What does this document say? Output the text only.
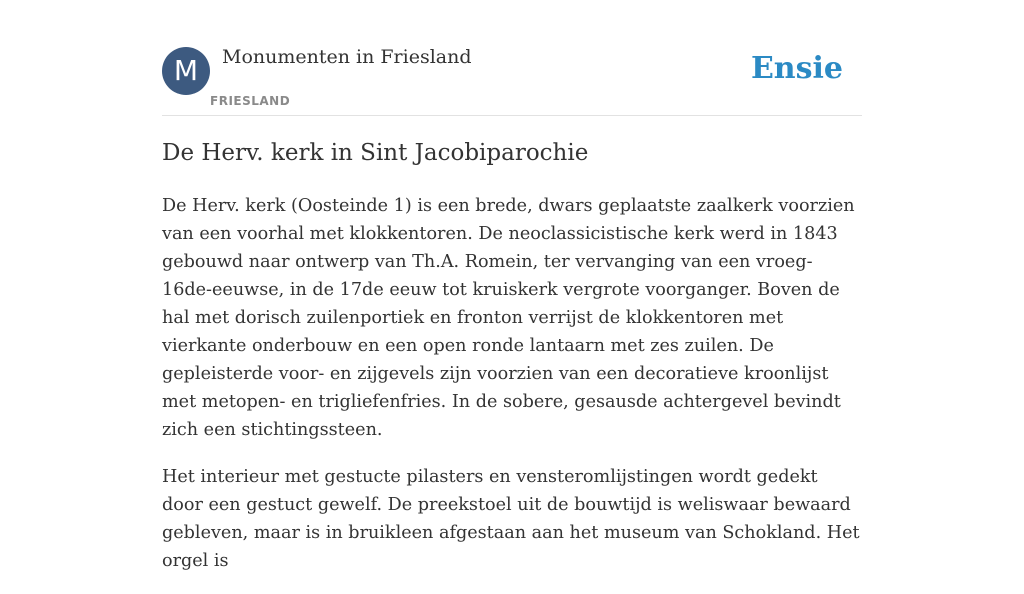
M	Monumenten in Friesland
FRIESLAND
Ensie
De Herv. kerk in Sint Jacobiparochie

De Herv. kerk (Oosteinde 1) is een brede, dwars geplaatste zaalkerk voorzien van een voorhal met klokkentoren. De neoclassicistische kerk werd in 1843 gebouwd naar ontwerp van Th.A. Romein, ter vervanging van een vroeg-16de-eeuwse, in de 17de eeuw tot kruiskerk vergrote voorganger. Boven de hal met dorisch zuilenportiek en fronton verrijst de klokkentoren met vierkante onderbouw en een open ronde lantaarn met zes zuilen. De gepleisterde voor- en zijgevels zijn voorzien van een decoratieve kroonlijst met metopen- en trigliefenfries. In de sobere, gesausde achtergevel bevindt zich een stichtingssteen.

Het interieur met gestucte pilasters en vensteromlijstingen wordt gedekt door een gestuct gewelf. De preekstoel uit de bouwtijd is weliswaar bewaard gebleven, maar is in bruikleen afgestaan aan het museum van Schokland. Het orgel is
